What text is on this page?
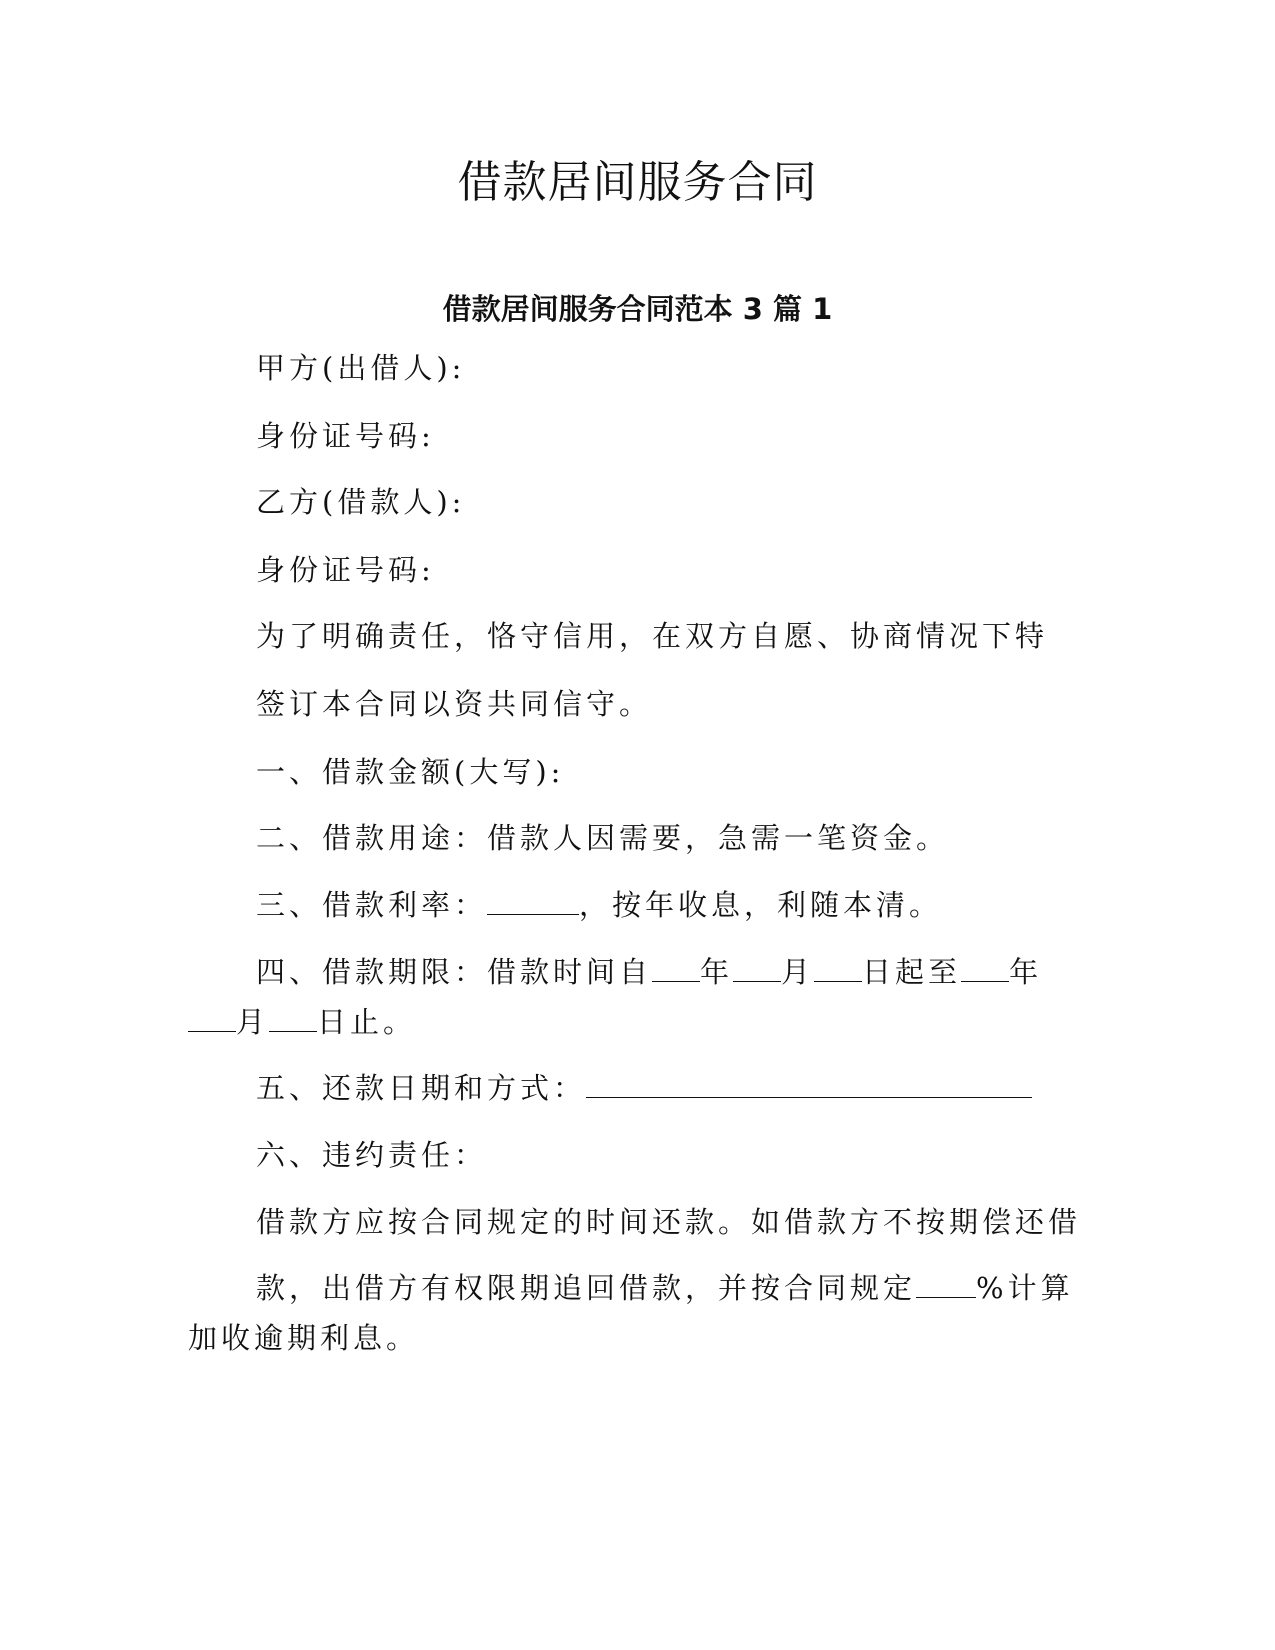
借款居间服务合同
借款居间服务合同范本 3 篇 1

甲方(出借人):

身份证号码:

乙方(借款人):

身份证号码:

为了明确责任，恪守信用，在双方自愿、协商情况下特

签订本合同以资共同信守。

一、借款金额(大写):

二、借款用途：借款人因需要，急需一笔资金。

三、借款利率：	，按年收息，利随本清。

四、借款期限：借款时间自 年 月 日起至 年

月 日止。

五、还款日期和方式：

六、违约责任：

借款方应按合同规定的时间还款。如借款方不按期偿还借

款，出借方有权限期追回借款，并按合同规定 %计算

加收逾期利息。
